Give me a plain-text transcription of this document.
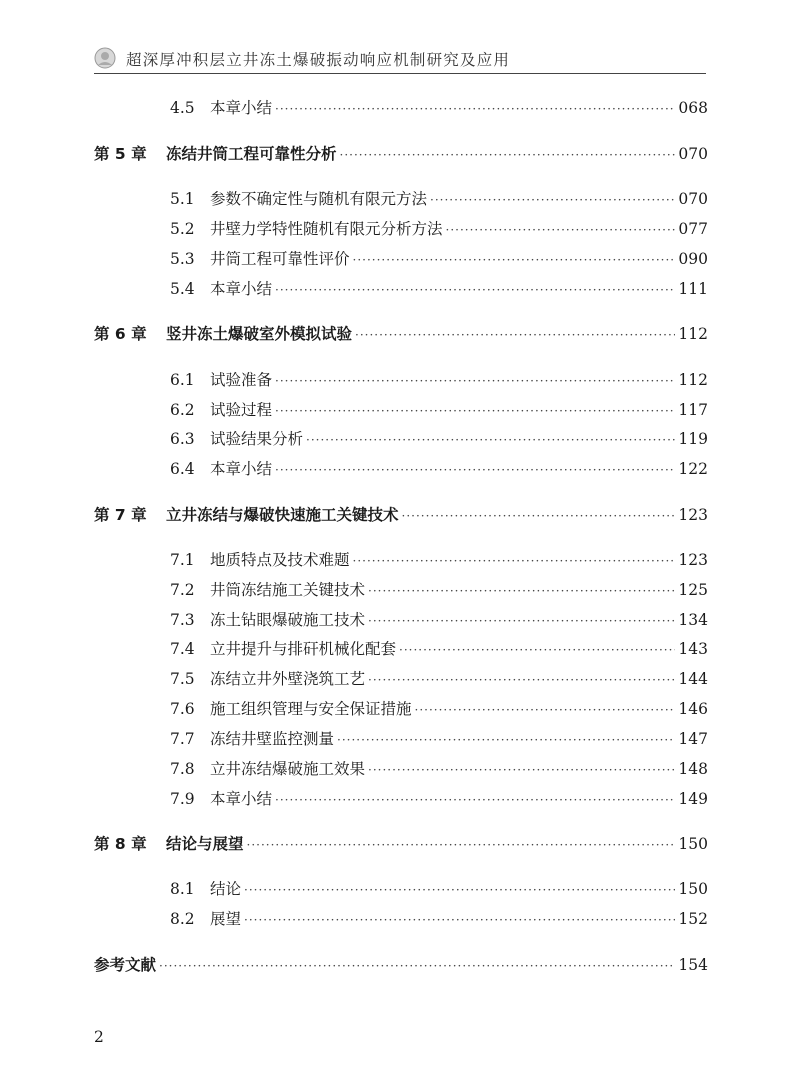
超深厚冲积层立井冻土爆破振动响应机制研究及应用
4.5 本章小结 ·····	068
第 5 章	冻结井筒工程可靠性分析 ·····	070
5.1 参数不确定性与随机有限元方法 ·····	070
5.2 井壁力学特性随机有限元分析方法 ·····	077
5.3 井筒工程可靠性评价 ·····	090
5.4 本章小结 ·····	111
第 6 章	竖井冻土爆破室外模拟试验 ·····	112
6.1 试验准备 ·····	112
6.2 试验过程 ·····	117
6.3 试验结果分析 ·····	119
6.4 本章小结 ·····	122
第 7 章	立井冻结与爆破快速施工关键技术 ·····	123
7.1 地质特点及技术难题 ·····	123
7.2 井筒冻结施工关键技术 ·····	125
7.3 冻土钻眼爆破施工技术 ·····	134
7.4 立井提升与排矸机械化配套 ·····	143
7.5 冻结立井外壁浇筑工艺 ·····	144
7.6 施工组织管理与安全保证措施 ·····	146
7.7 冻结井壁监控测量 ·····	147
7.8 立井冻结爆破施工效果 ·····	148
7.9 本章小结 ·····	149
第 8 章	结论与展望 ·····	150
8.1 结论 ·····	150
8.2 展望 ·····	152
参考文献 ·····	154
2
